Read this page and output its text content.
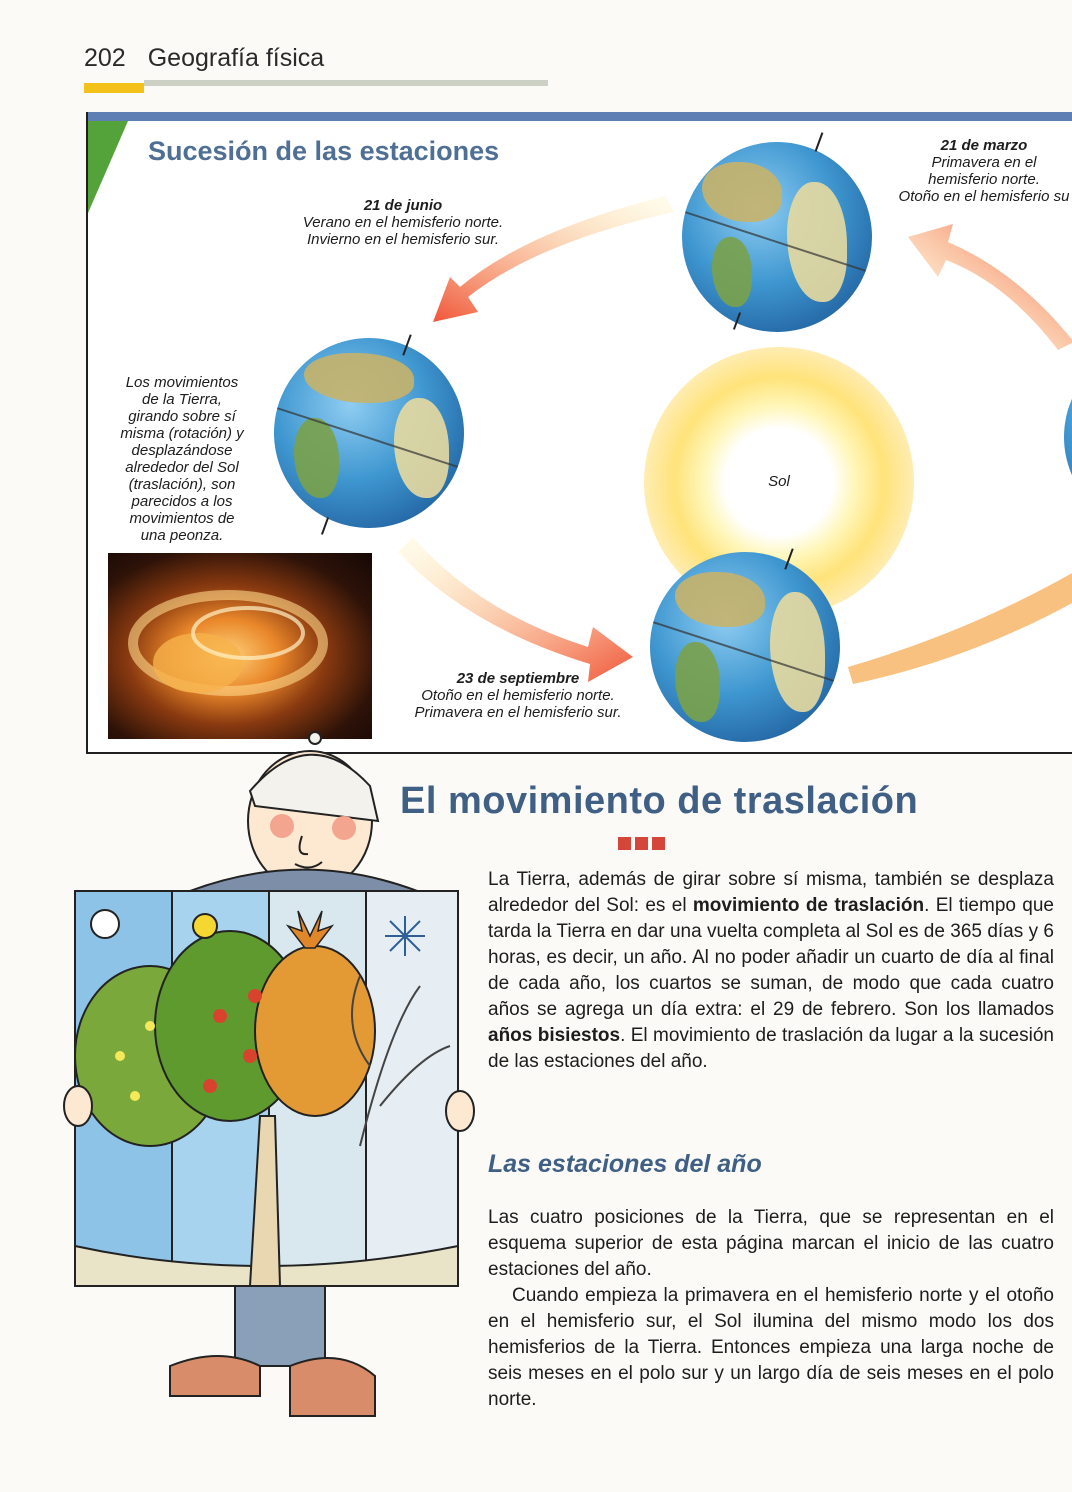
202 Geografía física
Sucesión de las estaciones
21 de junio
Verano en el hemisferio norte.
Invierno en el hemisferio sur.
21 de marzo
Primavera en el
hemisferio norte.
Otoño en el hemisferio su
23 de septiembre
Otoño en el hemisferio norte.
Primavera en el hemisferio sur.
Los movimientos
de la Tierra,
girando sobre sí
misma (rotación) y
desplazándose
alrededor del Sol
(traslación), son
parecidos a los
movimientos de
una peonza.
Sol
El movimiento de traslación

La Tierra, además de girar sobre sí misma, también se desplaza alrededor del Sol: es el movimiento de traslación. El tiempo que tarda la Tierra en dar una vuelta completa al Sol es de 365 días y 6 horas, es decir, un año. Al no poder añadir un cuarto de día al final de cada año, los cuartos se suman, de modo que cada cuatro años se agrega un día extra: el 29 de febrero. Son los llamados años bisiestos. El movimiento de traslación da lugar a la sucesión de las estaciones del año.

Las estaciones del año

Las cuatro posiciones de la Tierra, que se representan en el esquema superior de esta página marcan el inicio de las cuatro estaciones del año.

Cuando empieza la primavera en el hemisferio norte y el otoño en el hemisferio sur, el Sol ilumina del mismo modo los dos hemisferios de la Tierra. Entonces empieza una larga noche de seis meses en el polo sur y un largo día de seis meses en el polo norte.
